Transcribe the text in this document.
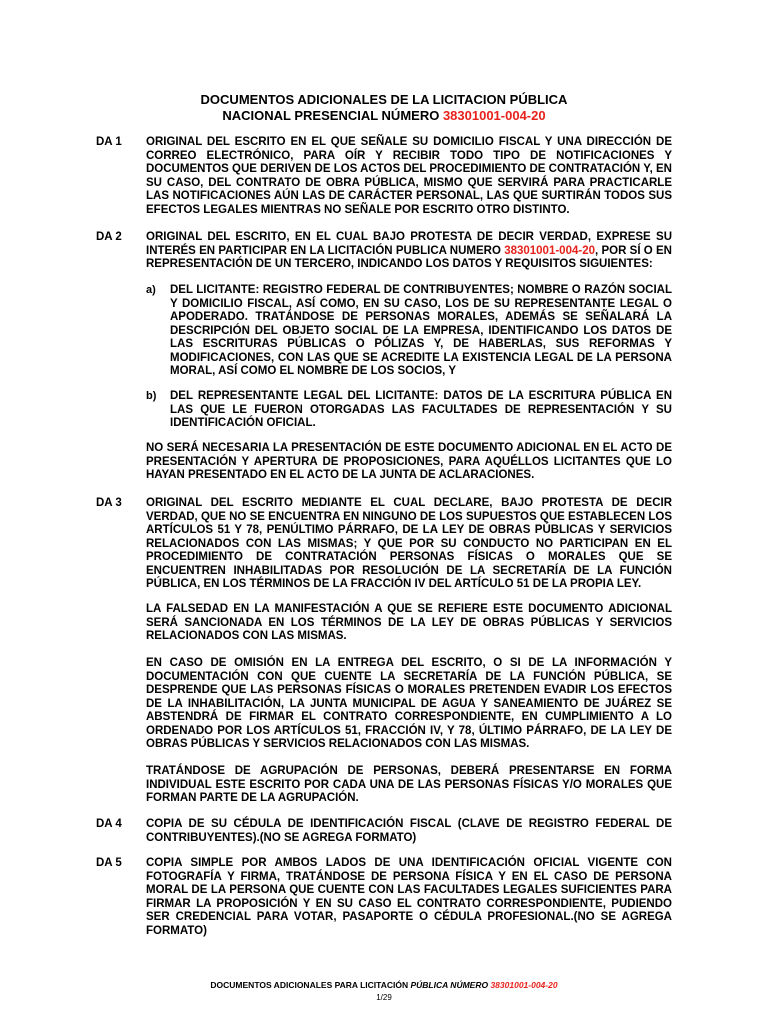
DOCUMENTOS ADICIONALES DE LA LICITACION PÚBLICA
NACIONAL PRESENCIAL NÚMERO 38301001-004-20
DA 1 ORIGINAL DEL ESCRITO EN EL QUE SEÑALE SU DOMICILIO FISCAL Y UNA DIRECCIÓN DE CORREO ELECTRÓNICO, PARA OÍR Y RECIBIR TODO TIPO DE NOTIFICACIONES Y DOCUMENTOS QUE DERIVEN DE LOS ACTOS DEL PROCEDIMIENTO DE CONTRATACIÓN Y, EN SU CASO, DEL CONTRATO DE OBRA PÚBLICA, MISMO QUE SERVIRÁ PARA PRACTICARLE LAS NOTIFICACIONES AÚN LAS DE CARÁCTER PERSONAL, LAS QUE SURTIRÁN TODOS SUS EFECTOS LEGALES MIENTRAS NO SEÑALE POR ESCRITO OTRO DISTINTO.
DA 2 ORIGINAL DEL ESCRITO, EN EL CUAL BAJO PROTESTA DE DECIR VERDAD, EXPRESE SU INTERÉS EN PARTICIPAR EN LA LICITACIÓN PUBLICA NUMERO 38301001-004-20, POR SÍ O EN REPRESENTACIÓN DE UN TERCERO, INDICANDO LOS DATOS Y REQUISITOS SIGUIENTES:
a) DEL LICITANTE: REGISTRO FEDERAL DE CONTRIBUYENTES; NOMBRE O RAZÓN SOCIAL Y DOMICILIO FISCAL, ASÍ COMO, EN SU CASO, LOS DE SU REPRESENTANTE LEGAL O APODERADO. TRATÁNDOSE DE PERSONAS MORALES, ADEMÁS SE SEÑALARÁ LA DESCRIPCIÓN DEL OBJETO SOCIAL DE LA EMPRESA, IDENTIFICANDO LOS DATOS DE LAS ESCRITURAS PÚBLICAS O PÓLIZAS Y, DE HABERLAS, SUS REFORMAS Y MODIFICACIONES, CON LAS QUE SE ACREDITE LA EXISTENCIA LEGAL DE LA PERSONA MORAL, ASÍ COMO EL NOMBRE DE LOS SOCIOS, Y
b) DEL REPRESENTANTE LEGAL DEL LICITANTE: DATOS DE LA ESCRITURA PÚBLICA EN LAS QUE LE FUERON OTORGADAS LAS FACULTADES DE REPRESENTACIÓN Y SU IDENTIFICACIÓN OFICIAL.
NO SERÁ NECESARIA LA PRESENTACIÓN DE ESTE DOCUMENTO ADICIONAL EN EL ACTO DE PRESENTACIÓN Y APERTURA DE PROPOSICIONES, PARA AQUÉLLOS LICITANTES QUE LO HAYAN PRESENTADO EN EL ACTO DE LA JUNTA DE ACLARACIONES.
DA 3 ORIGINAL DEL ESCRITO MEDIANTE EL CUAL DECLARE, BAJO PROTESTA DE DECIR VERDAD, QUE NO SE ENCUENTRA EN NINGUNO DE LOS SUPUESTOS QUE ESTABLECEN LOS ARTÍCULOS 51 Y 78, PENÚLTIMO PÁRRAFO, DE LA LEY DE OBRAS PÚBLICAS Y SERVICIOS RELACIONADOS CON LAS MISMAS; Y QUE POR SU CONDUCTO NO PARTICIPAN EN EL PROCEDIMIENTO DE CONTRATACIÓN PERSONAS FÍSICAS O MORALES QUE SE ENCUENTREN INHABILITADAS POR RESOLUCIÓN DE LA SECRETARÍA DE LA FUNCIÓN PÚBLICA, EN LOS TÉRMINOS DE LA FRACCIÓN IV DEL ARTÍCULO 51 DE LA PROPIA LEY.
LA FALSEDAD EN LA MANIFESTACIÓN A QUE SE REFIERE ESTE DOCUMENTO ADICIONAL SERÁ SANCIONADA EN LOS TÉRMINOS DE LA LEY DE OBRAS PÚBLICAS Y SERVICIOS RELACIONADOS CON LAS MISMAS.
EN CASO DE OMISIÓN EN LA ENTREGA DEL ESCRITO, O SI DE LA INFORMACIÓN Y DOCUMENTACIÓN CON QUE CUENTE LA SECRETARÍA DE LA FUNCIÓN PÚBLICA, SE DESPRENDE QUE LAS PERSONAS FÍSICAS O MORALES PRETENDEN EVADIR LOS EFECTOS DE LA INHABILITACIÓN, LA JUNTA MUNICIPAL DE AGUA Y SANEAMIENTO DE JUÁREZ SE ABSTENDRÁ DE FIRMAR EL CONTRATO CORRESPONDIENTE, EN CUMPLIMIENTO A LO ORDENADO POR LOS ARTÍCULOS 51, FRACCIÓN IV, Y 78, ÚLTIMO PÁRRAFO, DE LA LEY DE OBRAS PÚBLICAS Y SERVICIOS RELACIONADOS CON LAS MISMAS.
TRATÁNDOSE DE AGRUPACIÓN DE PERSONAS, DEBERÁ PRESENTARSE EN FORMA INDIVIDUAL ESTE ESCRITO POR CADA UNA DE LAS PERSONAS FÍSICAS Y/O MORALES QUE FORMAN PARTE DE LA AGRUPACIÓN.
DA 4 COPIA DE SU CÉDULA DE IDENTIFICACIÓN FISCAL (CLAVE DE REGISTRO FEDERAL DE CONTRIBUYENTES).(NO SE AGREGA FORMATO)
DA 5 COPIA SIMPLE POR AMBOS LADOS DE UNA IDENTIFICACIÓN OFICIAL VIGENTE CON FOTOGRAFÍA Y FIRMA, TRATÁNDOSE DE PERSONA FÍSICA Y EN EL CASO DE PERSONA MORAL DE LA PERSONA QUE CUENTE CON LAS FACULTADES LEGALES SUFICIENTES PARA FIRMAR LA PROPOSICIÓN Y EN SU CASO EL CONTRATO CORRESPONDIENTE, PUDIENDO SER CREDENCIAL PARA VOTAR, PASAPORTE O CÉDULA PROFESIONAL.(NO SE AGREGA FORMATO)
DOCUMENTOS ADICIONALES PARA LICITACIÓN PÚBLICA NÚMERO 38301001-004-20
1/29
